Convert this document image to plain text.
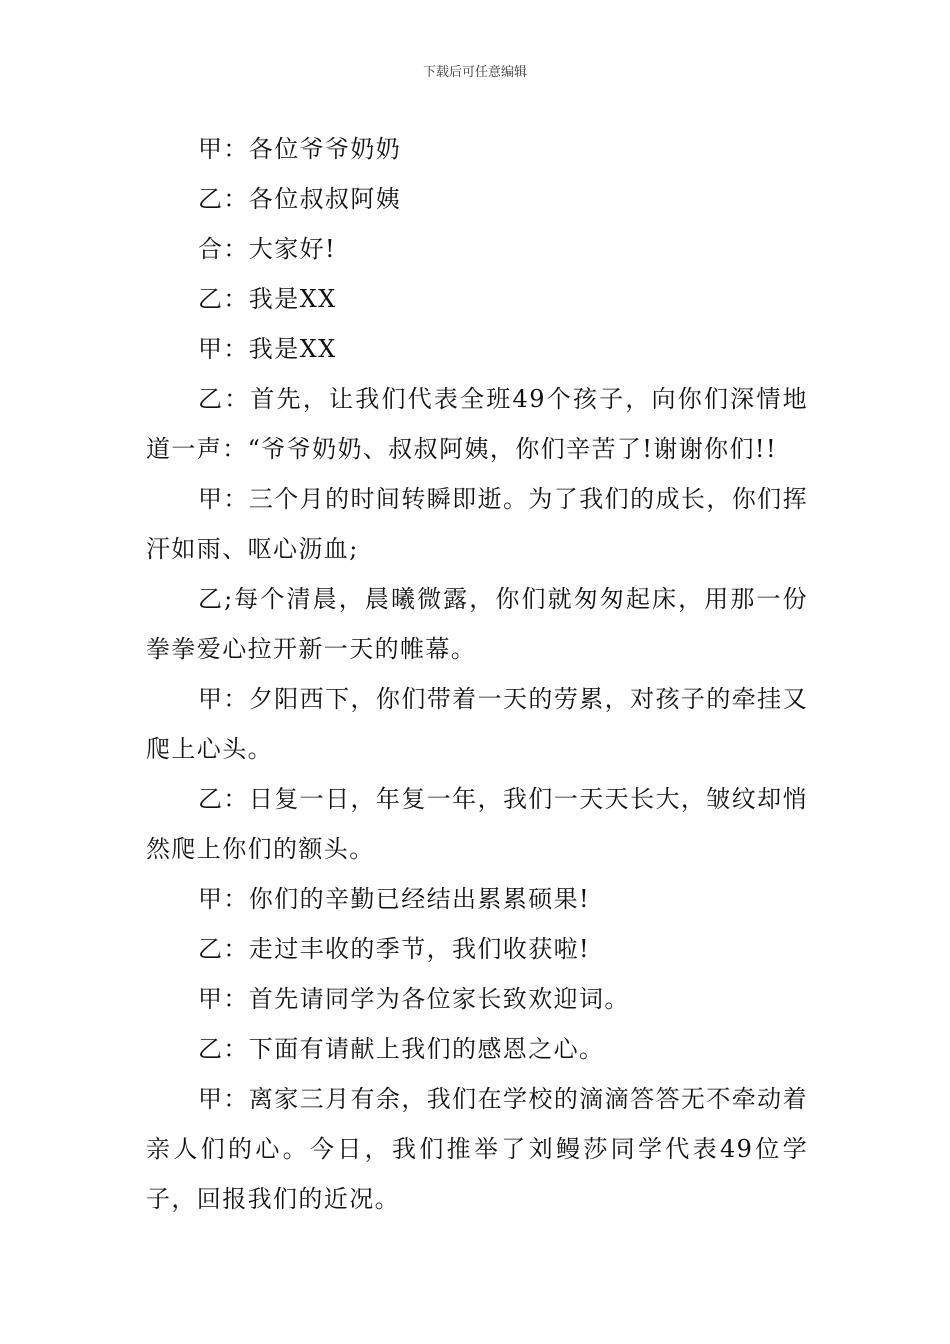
下载后可任意编辑

甲：各位爷爷奶奶

乙：各位叔叔阿姨

合：大家好!

乙：我是XX

甲：我是XX

乙：首先，让我们代表全班49个孩子，向你们深情地道一声：“爷爷奶奶、叔叔阿姨，你们辛苦了!谢谢你们!!

甲：三个月的时间转瞬即逝。为了我们的成长，你们挥汗如雨、呕心沥血;

乙;每个清晨，晨曦微露，你们就匆匆起床，用那一份拳拳爱心拉开新一天的帷幕。

甲：夕阳西下，你们带着一天的劳累，对孩子的牵挂又爬上心头。

乙：日复一日，年复一年，我们一天天长大，皱纹却悄然爬上你们的额头。

甲：你们的辛勤已经结出累累硕果!

乙：走过丰收的季节，我们收获啦!

甲：首先请同学为各位家长致欢迎词。

乙：下面有请献上我们的感恩之心。

甲：离家三月有余，我们在学校的滴滴答答无不牵动着亲人们的心。今日，我们推举了刘鳗莎同学代表49位学子，回报我们的近况。
